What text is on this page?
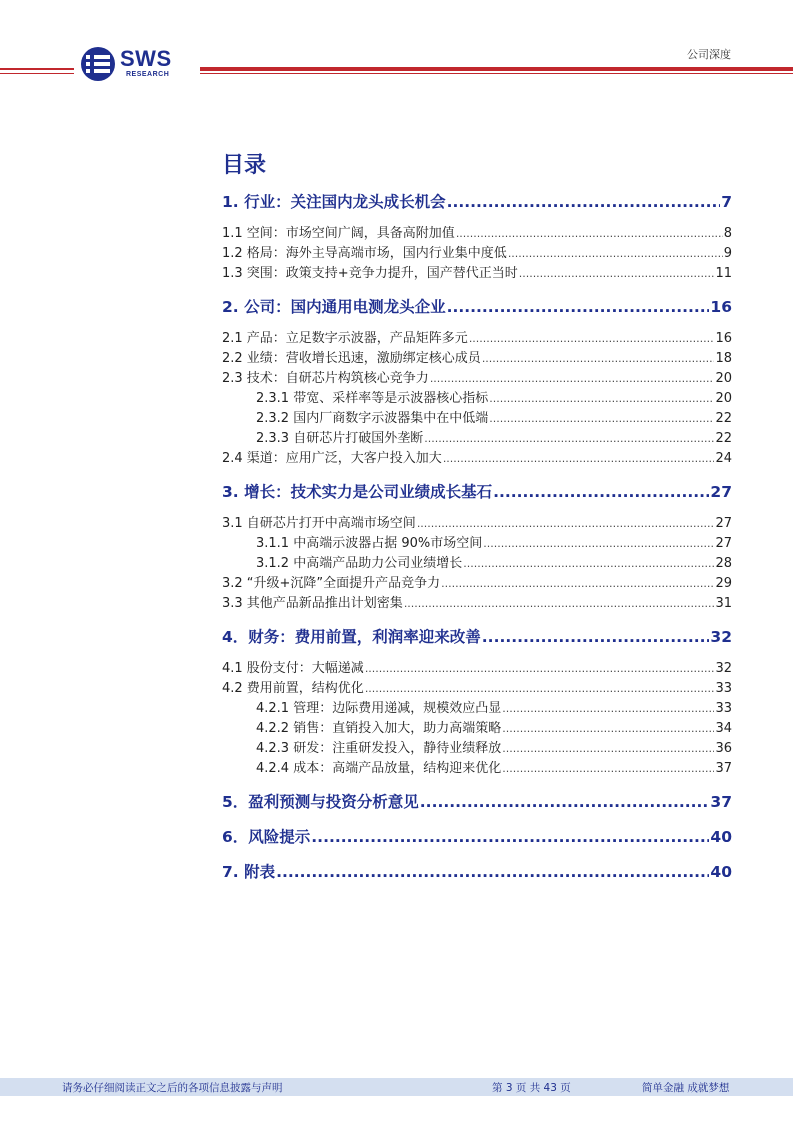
SWS
RESEARCH
公司深度
目录
1. 行业：关注国内龙头成长机会 .....	7
1.1 空间：市场空间广阔，具备高附加值 .....	8
1.2 格局：海外主导高端市场，国内行业集中度低 .....	9
1.3 突围：政策支持+竞争力提升，国产替代正当时 .....	11
2. 公司：国内通用电测龙头企业 .....	16
2.1 产品：立足数字示波器，产品矩阵多元 .....	16
2.2 业绩：营收增长迅速，激励绑定核心成员 .....	18
2.3 技术：自研芯片构筑核心竞争力 .....	20
2.3.1 带宽、采样率等是示波器核心指标 .....	20
2.3.2 国内厂商数字示波器集中在中低端 .....	22
2.3.3 自研芯片打破国外垄断 .....	22
2.4 渠道：应用广泛，大客户投入加大 .....	24
3. 增长：技术实力是公司业绩成长基石 .....	27
3.1 自研芯片打开中高端市场空间 .....	27
3.1.1 中高端示波器占据 90%市场空间 .....	27
3.1.2 中高端产品助力公司业绩增长 .....	28
3.2 “升级+沉降”全面提升产品竞争力 .....	29
3.3 其他产品新品推出计划密集 .....	31
4．财务：费用前置，利润率迎来改善 .....	32
4.1 股份支付：大幅递减 .....	32
4.2 费用前置，结构优化 .....	33
4.2.1 管理：边际费用递减，规模效应凸显 .....	33
4.2.2 销售：直销投入加大，助力高端策略 .....	34
4.2.3 研发：注重研发投入，静待业绩释放 .....	36
4.2.4 成本：高端产品放量，结构迎来优化 .....	37
5．盈利预测与投资分析意见 .....	37
6．风险提示 .....	40
7. 附表 .....	40
请务必仔细阅读正文之后的各项信息披露与声明	第 3 页 共 43 页	简单金融 成就梦想
